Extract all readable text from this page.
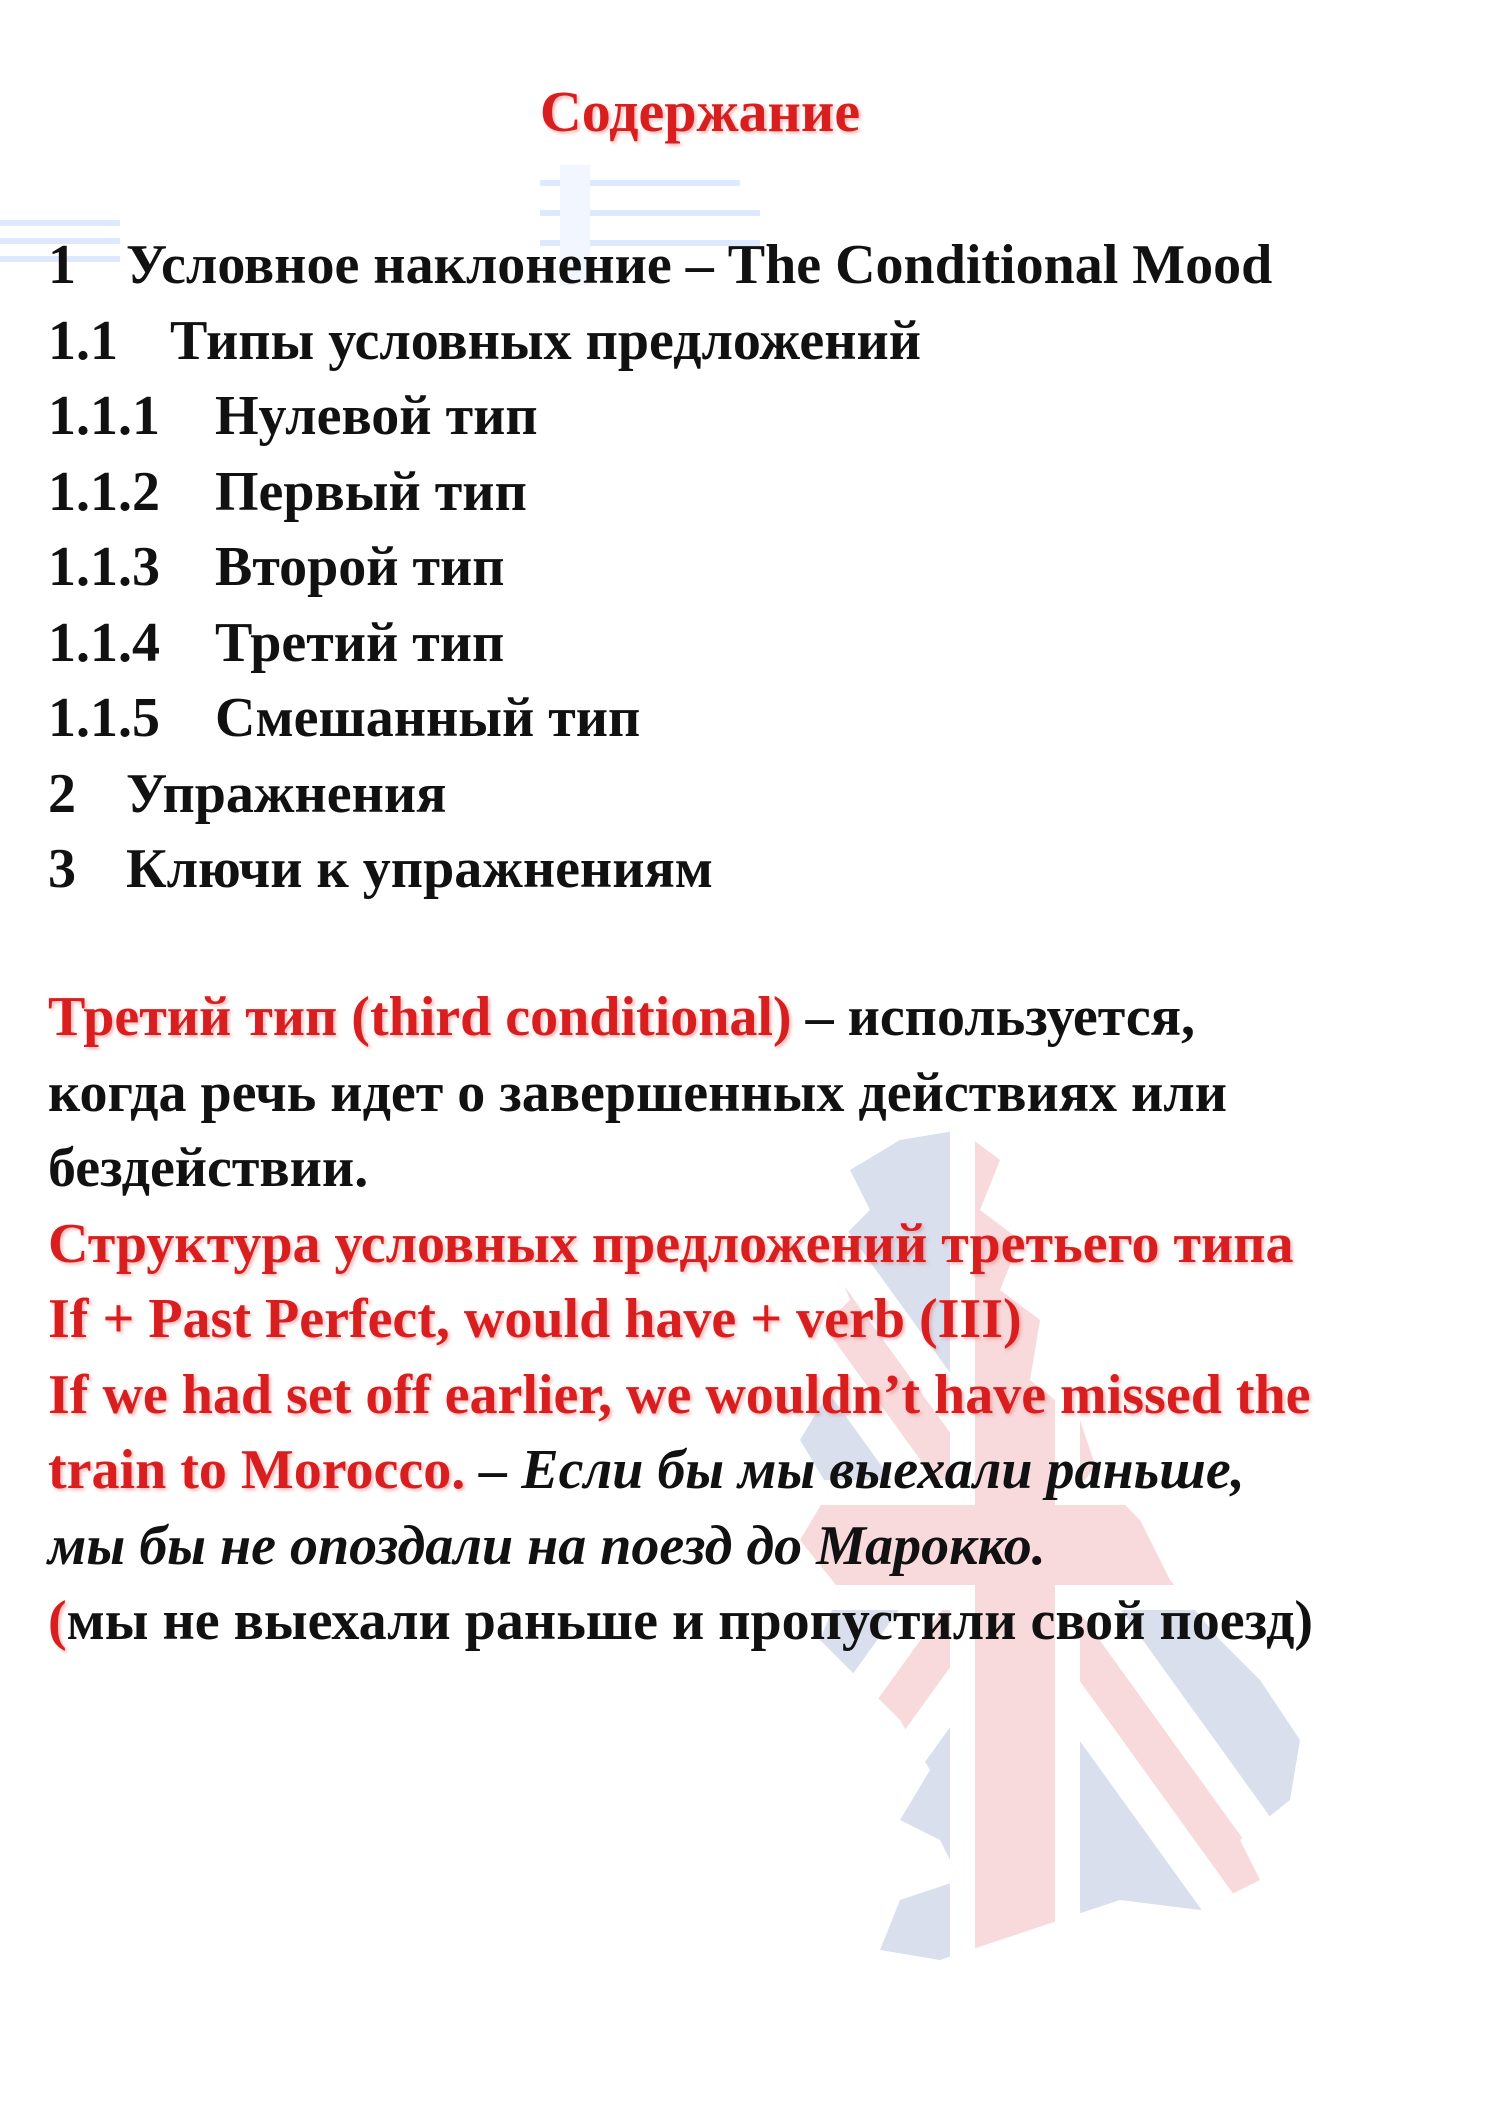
Содержание
1 Условное наклонение – The Conditional Mood
1.1 Типы условных предложений
1.1.1 Нулевой тип
1.1.2 Первый тип
1.1.3 Второй тип
1.1.4 Третий тип
1.1.5 Смешанный тип
2 Упражнения
3 Ключи к упражнениям
Третий тип (third conditional) – используется,
когда речь идет о завершенных действиях или
бездействии.
Структура условных предложений третьего типа
If + Past Perfect, would have + verb (III)
If we had set off earlier, we wouldn’t have missed the
train to Morocco. – Если бы мы выехали раньше,
мы бы не опоздали на поезд до Марокко.
(мы не выехали раньше и пропустили свой поезд)
